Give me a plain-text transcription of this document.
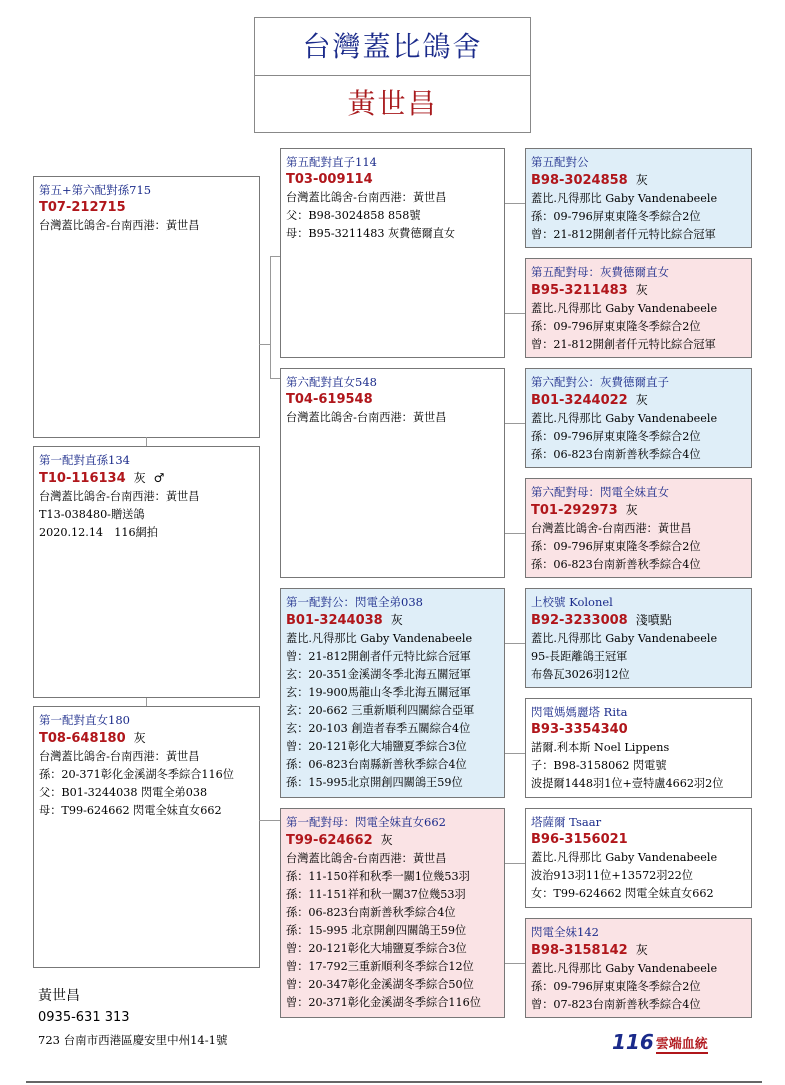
台灣蓋比鴿舍
黃世昌
第五+第六配對孫715
T07-212715
台灣蓋比鴿舍-台南西港：黃世昌
第一配對直孫134
T10-116134 灰 ♂
台灣蓋比鴿舍-台南西港：黃世昌
T13-038480-贈送鴿
2020.12.14　116網拍
第一配對直女180
T08-648180 灰
台灣蓋比鴿舍-台南西港：黃世昌
孫：20-371彰化金溪湖冬季綜合116位
父：B01-3244038 閃電全弟038
母：T99-624662 閃電全妹直女662
第五配對直子114
T03-009114
台灣蓋比鴿舍-台南西港：黃世昌
父：B98-3024858 858號
母：B95-3211483 灰費德爾直女
第六配對直女548
T04-619548
台灣蓋比鴿舍-台南西港：黃世昌
第一配對公：閃電全弟038
B01-3244038 灰
蓋比.凡得那比 Gaby Vandenabeele
曾：21-812開創者仟元特比綜合冠軍
玄：20-351金溪湖冬季北海五關冠軍
玄：19-900馬龍山冬季北海五關冠軍
玄：20-662 三重新順利四關綜合亞軍
玄：20-103 創造者春季五關綜合4位
曾：20-121彰化大埔鹽夏季綜合3位
孫：06-823台南縣新善秋季綜合4位
孫：15-995北京開創四關鴿王59位
第一配對母：閃電全妹直女662
T99-624662 灰
台灣蓋比鴿舍-台南西港：黃世昌
孫：11-150祥和秋季一關1位幾53羽
孫：11-151祥和秋一關37位幾53羽
孫：06-823台南新善秋季綜合4位
孫：15-995 北京開創四關鴿王59位
曾：20-121彰化大埔鹽夏季綜合3位
曾：17-792三重新順利冬季綜合12位
曾：20-347彰化金溪湖冬季綜合50位
曾：20-371彰化金溪湖冬季綜合116位
第五配對公
B98-3024858 灰
蓋比.凡得那比 Gaby Vandenabeele
孫：09-796屏東東隆冬季綜合2位
曾：21-812開創者仟元特比綜合冠軍
第五配對母：灰費德爾直女
B95-3211483 灰
蓋比.凡得那比 Gaby Vandenabeele
孫：09-796屏東東隆冬季綜合2位
曾：21-812開創者仟元特比綜合冠軍
第六配對公：灰費德爾直子
B01-3244022 灰
蓋比.凡得那比 Gaby Vandenabeele
孫：09-796屏東東隆冬季綜合2位
孫：06-823台南新善秋季綜合4位
第六配對母：閃電全妹直女
T01-292973 灰
台灣蓋比鴿舍-台南西港：黃世昌
孫：09-796屏東東隆冬季綜合2位
孫：06-823台南新善秋季綜合4位
上校號 Kolonel
B92-3233008 淺噴點
蓋比.凡得那比 Gaby Vandenabeele
95-長距離鴿王冠軍
布魯瓦3026羽12位
閃電媽媽麗塔 Rita
B93-3354340
諾爾.利本斯 Noel Lippens
子：B98-3158062 閃電號
波提爾1448羽1位+壹特盧4662羽2位
塔薩爾 Tsaar
B96-3156021
蓋比.凡得那比 Gaby Vandenabeele
波治913羽11位+13572羽22位
女：T99-624662 閃電全妹直女662
閃電全妹142
B98-3158142 灰
蓋比.凡得那比 Gaby Vandenabeele
孫：09-796屏東東隆冬季綜合2位
曾：07-823台南新善秋季綜合4位
黃世昌
0935-631 313
723 台南市西港區慶安里中州14-1號	116 雲端血統
